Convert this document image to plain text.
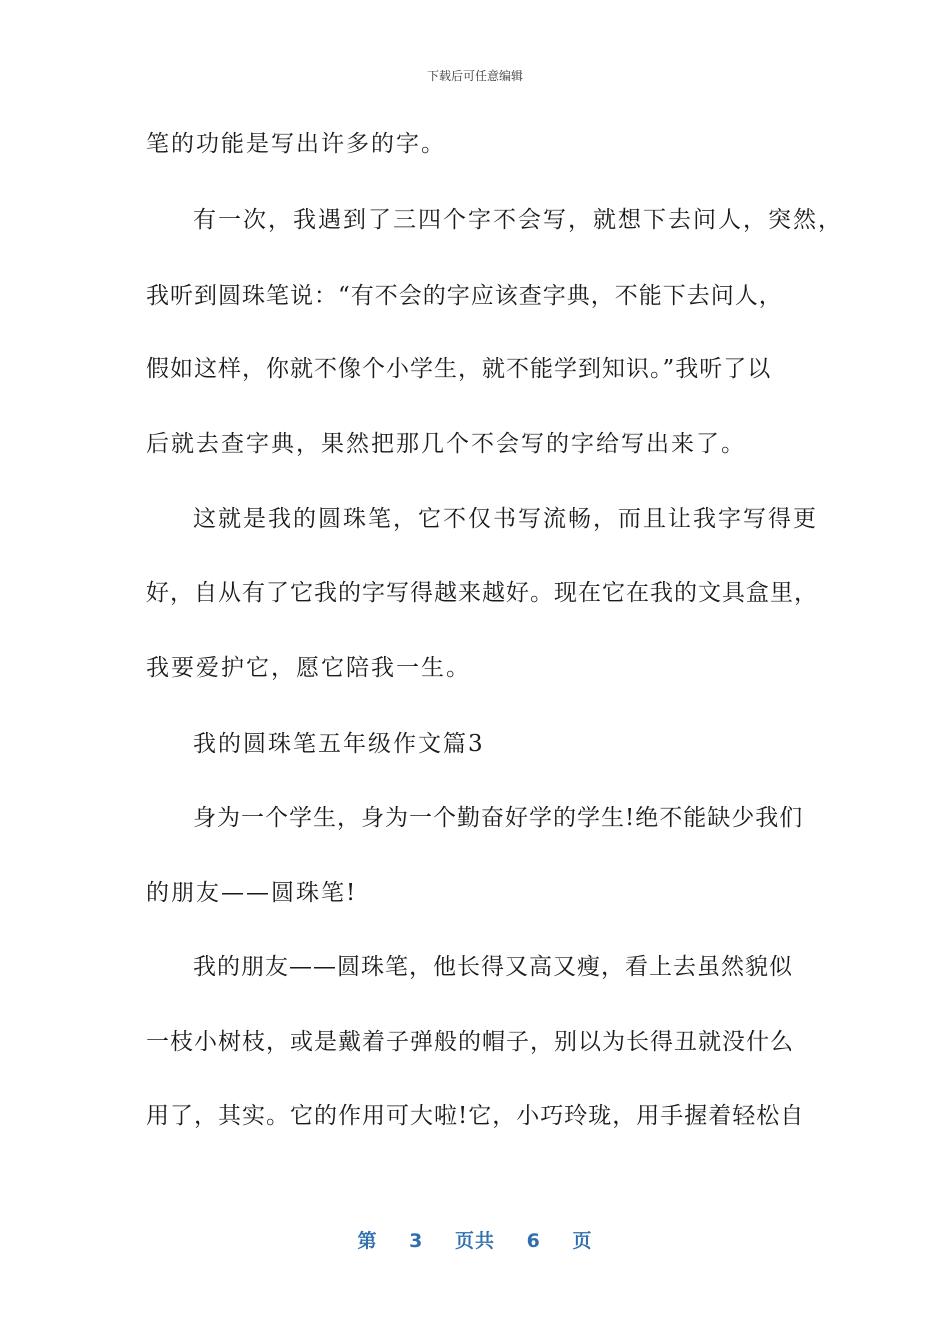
下载后可任意编辑
笔的功能是写出许多的字。
有一次，我遇到了三四个字不会写，就想下去问人，突然，
我听到圆珠笔说：“有不会的字应该查字典，不能下去问人，
假如这样，你就不像个小学生，就不能学到知识。”我听了以
后就去查字典，果然把那几个不会写的字给写出来了。
这就是我的圆珠笔，它不仅书写流畅，而且让我字写得更
好，自从有了它我的字写得越来越好。现在它在我的文具盒里，
我要爱护它，愿它陪我一生。
我的圆珠笔五年级作文篇3
身为一个学生，身为一个勤奋好学的学生!绝不能缺少我们
的朋友——圆珠笔!
我的朋友——圆珠笔，他长得又高又瘦，看上去虽然貌似
一枝小树枝，或是戴着子弹般的帽子，别以为长得丑就没什么
用了，其实。它的作用可大啦!它，小巧玲珑，用手握着轻松自
第 3 页共 6 页
